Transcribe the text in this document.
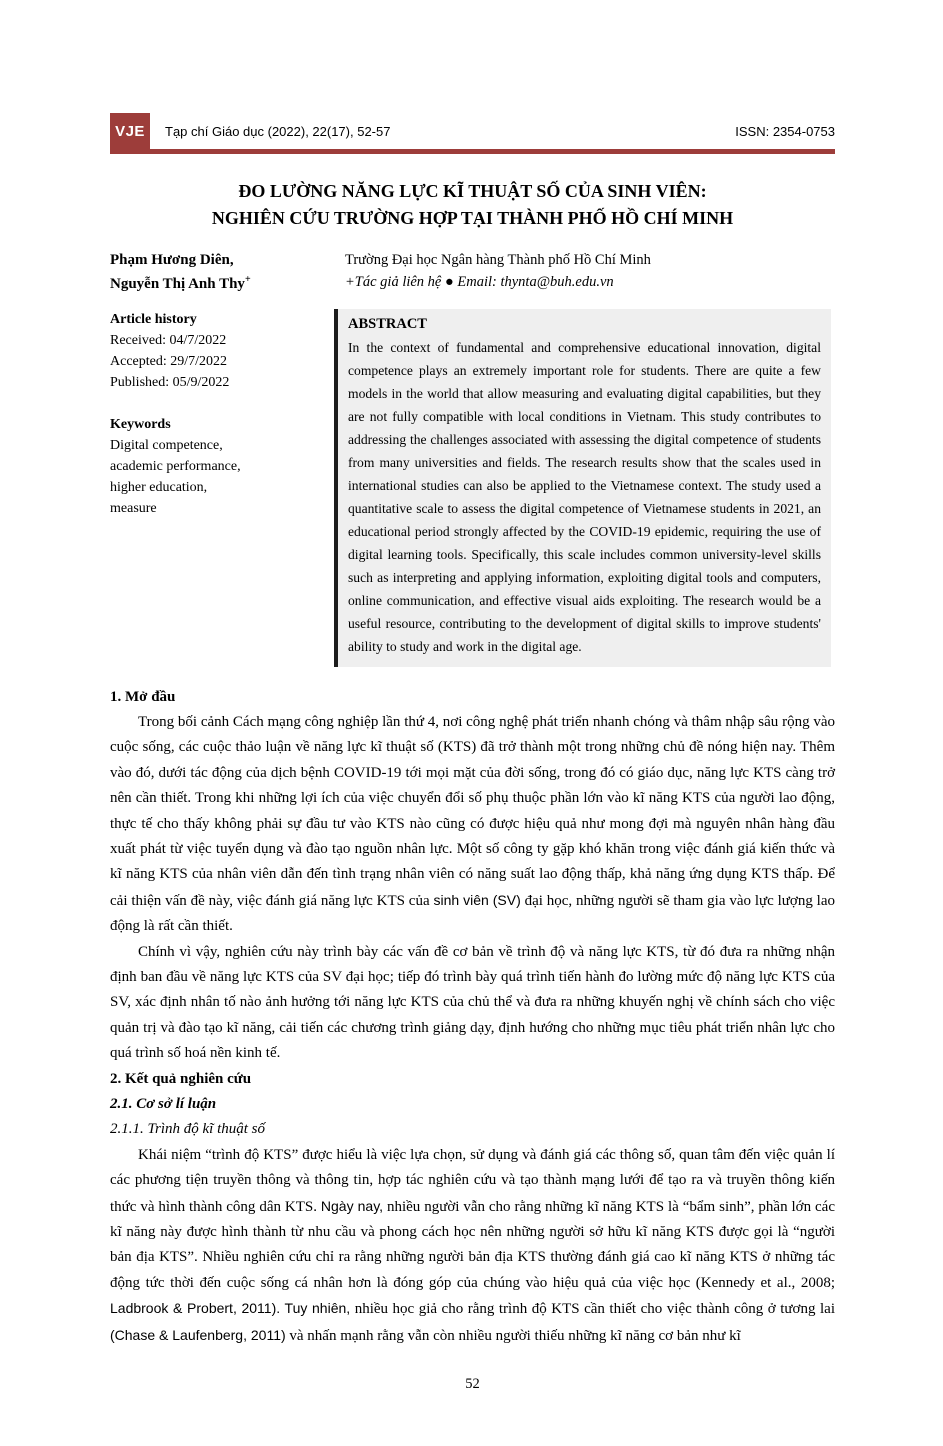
VJE	Tạp chí Giáo dục (2022), 22(17), 52-57	ISSN: 2354-0753
ĐO LƯỜNG NĂNG LỰC KĨ THUẬT SỐ CỦA SINH VIÊN:
NGHIÊN CỨU TRƯỜNG HỢP TẠI THÀNH PHỐ HỒ CHÍ MINH
Phạm Hương Diên,
Nguyễn Thị Anh Thy+
Trường Đại học Ngân hàng Thành phố Hồ Chí Minh
+Tác giả liên hệ ● Email: thynta@buh.edu.vn
Article history
Received: 04/7/2022
Accepted: 29/7/2022
Published: 05/9/2022
Keywords
Digital competence,
academic performance,
higher education,
measure
ABSTRACT
In the context of fundamental and comprehensive educational innovation, digital competence plays an extremely important role for students. There are quite a few models in the world that allow measuring and evaluating digital capabilities, but they are not fully compatible with local conditions in Vietnam. This study contributes to addressing the challenges associated with assessing the digital competence of students from many universities and fields. The research results show that the scales used in international studies can also be applied to the Vietnamese context. The study used a quantitative scale to assess the digital competence of Vietnamese students in 2021, an educational period strongly affected by the COVID-19 epidemic, requiring the use of digital learning tools. Specifically, this scale includes common university-level skills such as interpreting and applying information, exploiting digital tools and computers, online communication, and effective visual aids exploiting. The research would be a useful resource, contributing to the development of digital skills to improve students' ability to study and work in the digital age.
1. Mở đầu
Trong bối cảnh Cách mạng công nghiệp lần thứ 4, nơi công nghệ phát triển nhanh chóng và thâm nhập sâu rộng vào cuộc sống, các cuộc thảo luận về năng lực kĩ thuật số (KTS) đã trở thành một trong những chủ đề nóng hiện nay. Thêm vào đó, dưới tác động của dịch bệnh COVID-19 tới mọi mặt của đời sống, trong đó có giáo dục, năng lực KTS càng trở nên cần thiết. Trong khi những lợi ích của việc chuyển đổi số phụ thuộc phần lớn vào kĩ năng KTS của người lao động, thực tế cho thấy không phải sự đầu tư vào KTS nào cũng có được hiệu quả như mong đợi mà nguyên nhân hàng đầu xuất phát từ việc tuyển dụng và đào tạo nguồn nhân lực. Một số công ty gặp khó khăn trong việc đánh giá kiến thức và kĩ năng KTS của nhân viên dẫn đến tình trạng nhân viên có năng suất lao động thấp, khả năng ứng dụng KTS thấp. Để cải thiện vấn đề này, việc đánh giá năng lực KTS của sinh viên (SV) đại học, những người sẽ tham gia vào lực lượng lao động là rất cần thiết.
Chính vì vậy, nghiên cứu này trình bày các vấn đề cơ bản về trình độ và năng lực KTS, từ đó đưa ra những nhận định ban đầu về năng lực KTS của SV đại học; tiếp đó trình bày quá trình tiến hành đo lường mức độ năng lực KTS của SV, xác định nhân tố nào ảnh hưởng tới năng lực KTS của chủ thể và đưa ra những khuyến nghị về chính sách cho việc quản trị và đào tạo kĩ năng, cải tiến các chương trình giảng dạy, định hướng cho những mục tiêu phát triển nhân lực cho quá trình số hoá nền kinh tế.
2. Kết quả nghiên cứu
2.1. Cơ sở lí luận
2.1.1. Trình độ kĩ thuật số
Khái niệm “trình độ KTS” được hiểu là việc lựa chọn, sử dụng và đánh giá các thông số, quan tâm đến việc quản lí các phương tiện truyền thông và thông tin, hợp tác nghiên cứu và tạo thành mạng lưới để tạo ra và truyền thông kiến thức và hình thành công dân KTS. Ngày nay, nhiều người vẫn cho rằng những kĩ năng KTS là “bẩm sinh”, phần lớn các kĩ năng này được hình thành từ nhu cầu và phong cách học nên những người sở hữu kĩ năng KTS được gọi là “người bản địa KTS”. Nhiều nghiên cứu chỉ ra rằng những người bản địa KTS thường đánh giá cao kĩ năng KTS ở những tác động tức thời đến cuộc sống cá nhân hơn là đóng góp của chúng vào hiệu quả của việc học (Kennedy et al., 2008; Ladbrook & Probert, 2011). Tuy nhiên, nhiều học giả cho rằng trình độ KTS cần thiết cho việc thành công ở tương lai (Chase & Laufenberg, 2011) và nhấn mạnh rằng vẫn còn nhiều người thiếu những kĩ năng cơ bản như kĩ
52
